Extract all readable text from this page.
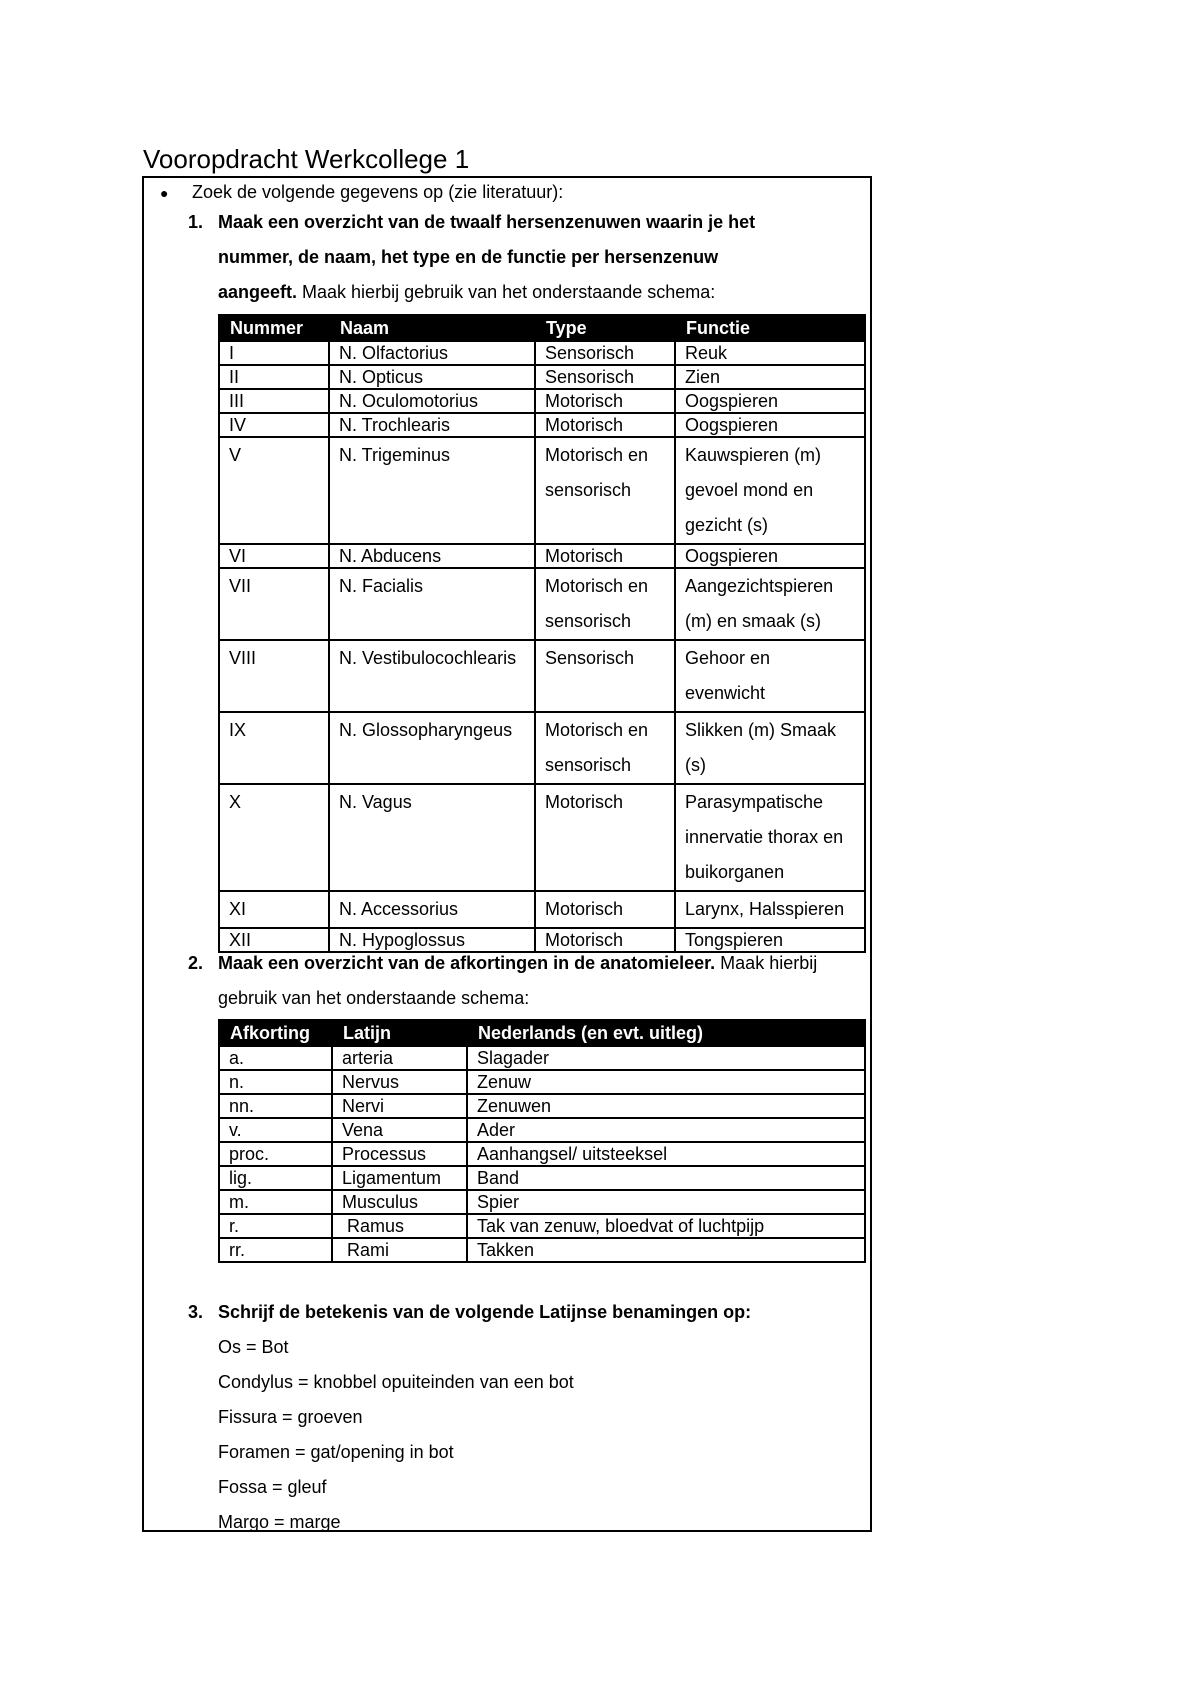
Vooropdracht Werkcollege 1
● Zoek de volgende gegevens op (zie literatuur):
1. Maak een overzicht van de twaalf hersenzenuwen waarin je het nummer, de naam, het type en de functie per hersenzenuw aangeeft. Maak hierbij gebruik van het onderstaande schema:
Nummer	Naam	Type	Functie
I	N. Olfactorius	Sensorisch	Reuk
II	N. Opticus	Sensorisch	Zien
III	N. Oculomotorius	Motorisch	Oogspieren
IV	N. Trochlearis	Motorisch	Oogspieren
V	N. Trigeminus	Motorisch en sensorisch	Kauwspieren (m) gevoel mond en gezicht (s)
VI	N. Abducens	Motorisch	Oogspieren
VII	N. Facialis	Motorisch en sensorisch	Aangezichtspieren (m) en smaak (s)
VIII	N. Vestibulocochlearis	Sensorisch	Gehoor en evenwicht
IX	N. Glossopharyngeus	Motorisch en sensorisch	Slikken (m) Smaak (s)
X	N. Vagus	Motorisch	Parasympatische innervatie thorax en buikorganen
XI	N. Accessorius	Motorisch	Larynx, Halsspieren
XII	N. Hypoglossus	Motorisch	Tongspieren
2. Maak een overzicht van de afkortingen in de anatomieleer. Maak hierbij gebruik van het onderstaande schema:
Afkorting	Latijn	Nederlands (en evt. uitleg)
a.	arteria	Slagader
n.	Nervus	Zenuw
nn.	Nervi	Zenuwen
v.	Vena	Ader
proc.	Processus	Aanhangsel/ uitsteeksel
lig.	Ligamentum	Band
m.	Musculus	Spier
r.	Ramus	Tak van zenuw, bloedvat of luchtpijp
rr.	Rami	Takken
3. Schrijf de betekenis van de volgende Latijnse benamingen op:
Os = Bot
Condylus = knobbel opuiteinden van een bot
Fissura = groeven
Foramen = gat/opening in bot
Fossa = gleuf
Margo = marge
